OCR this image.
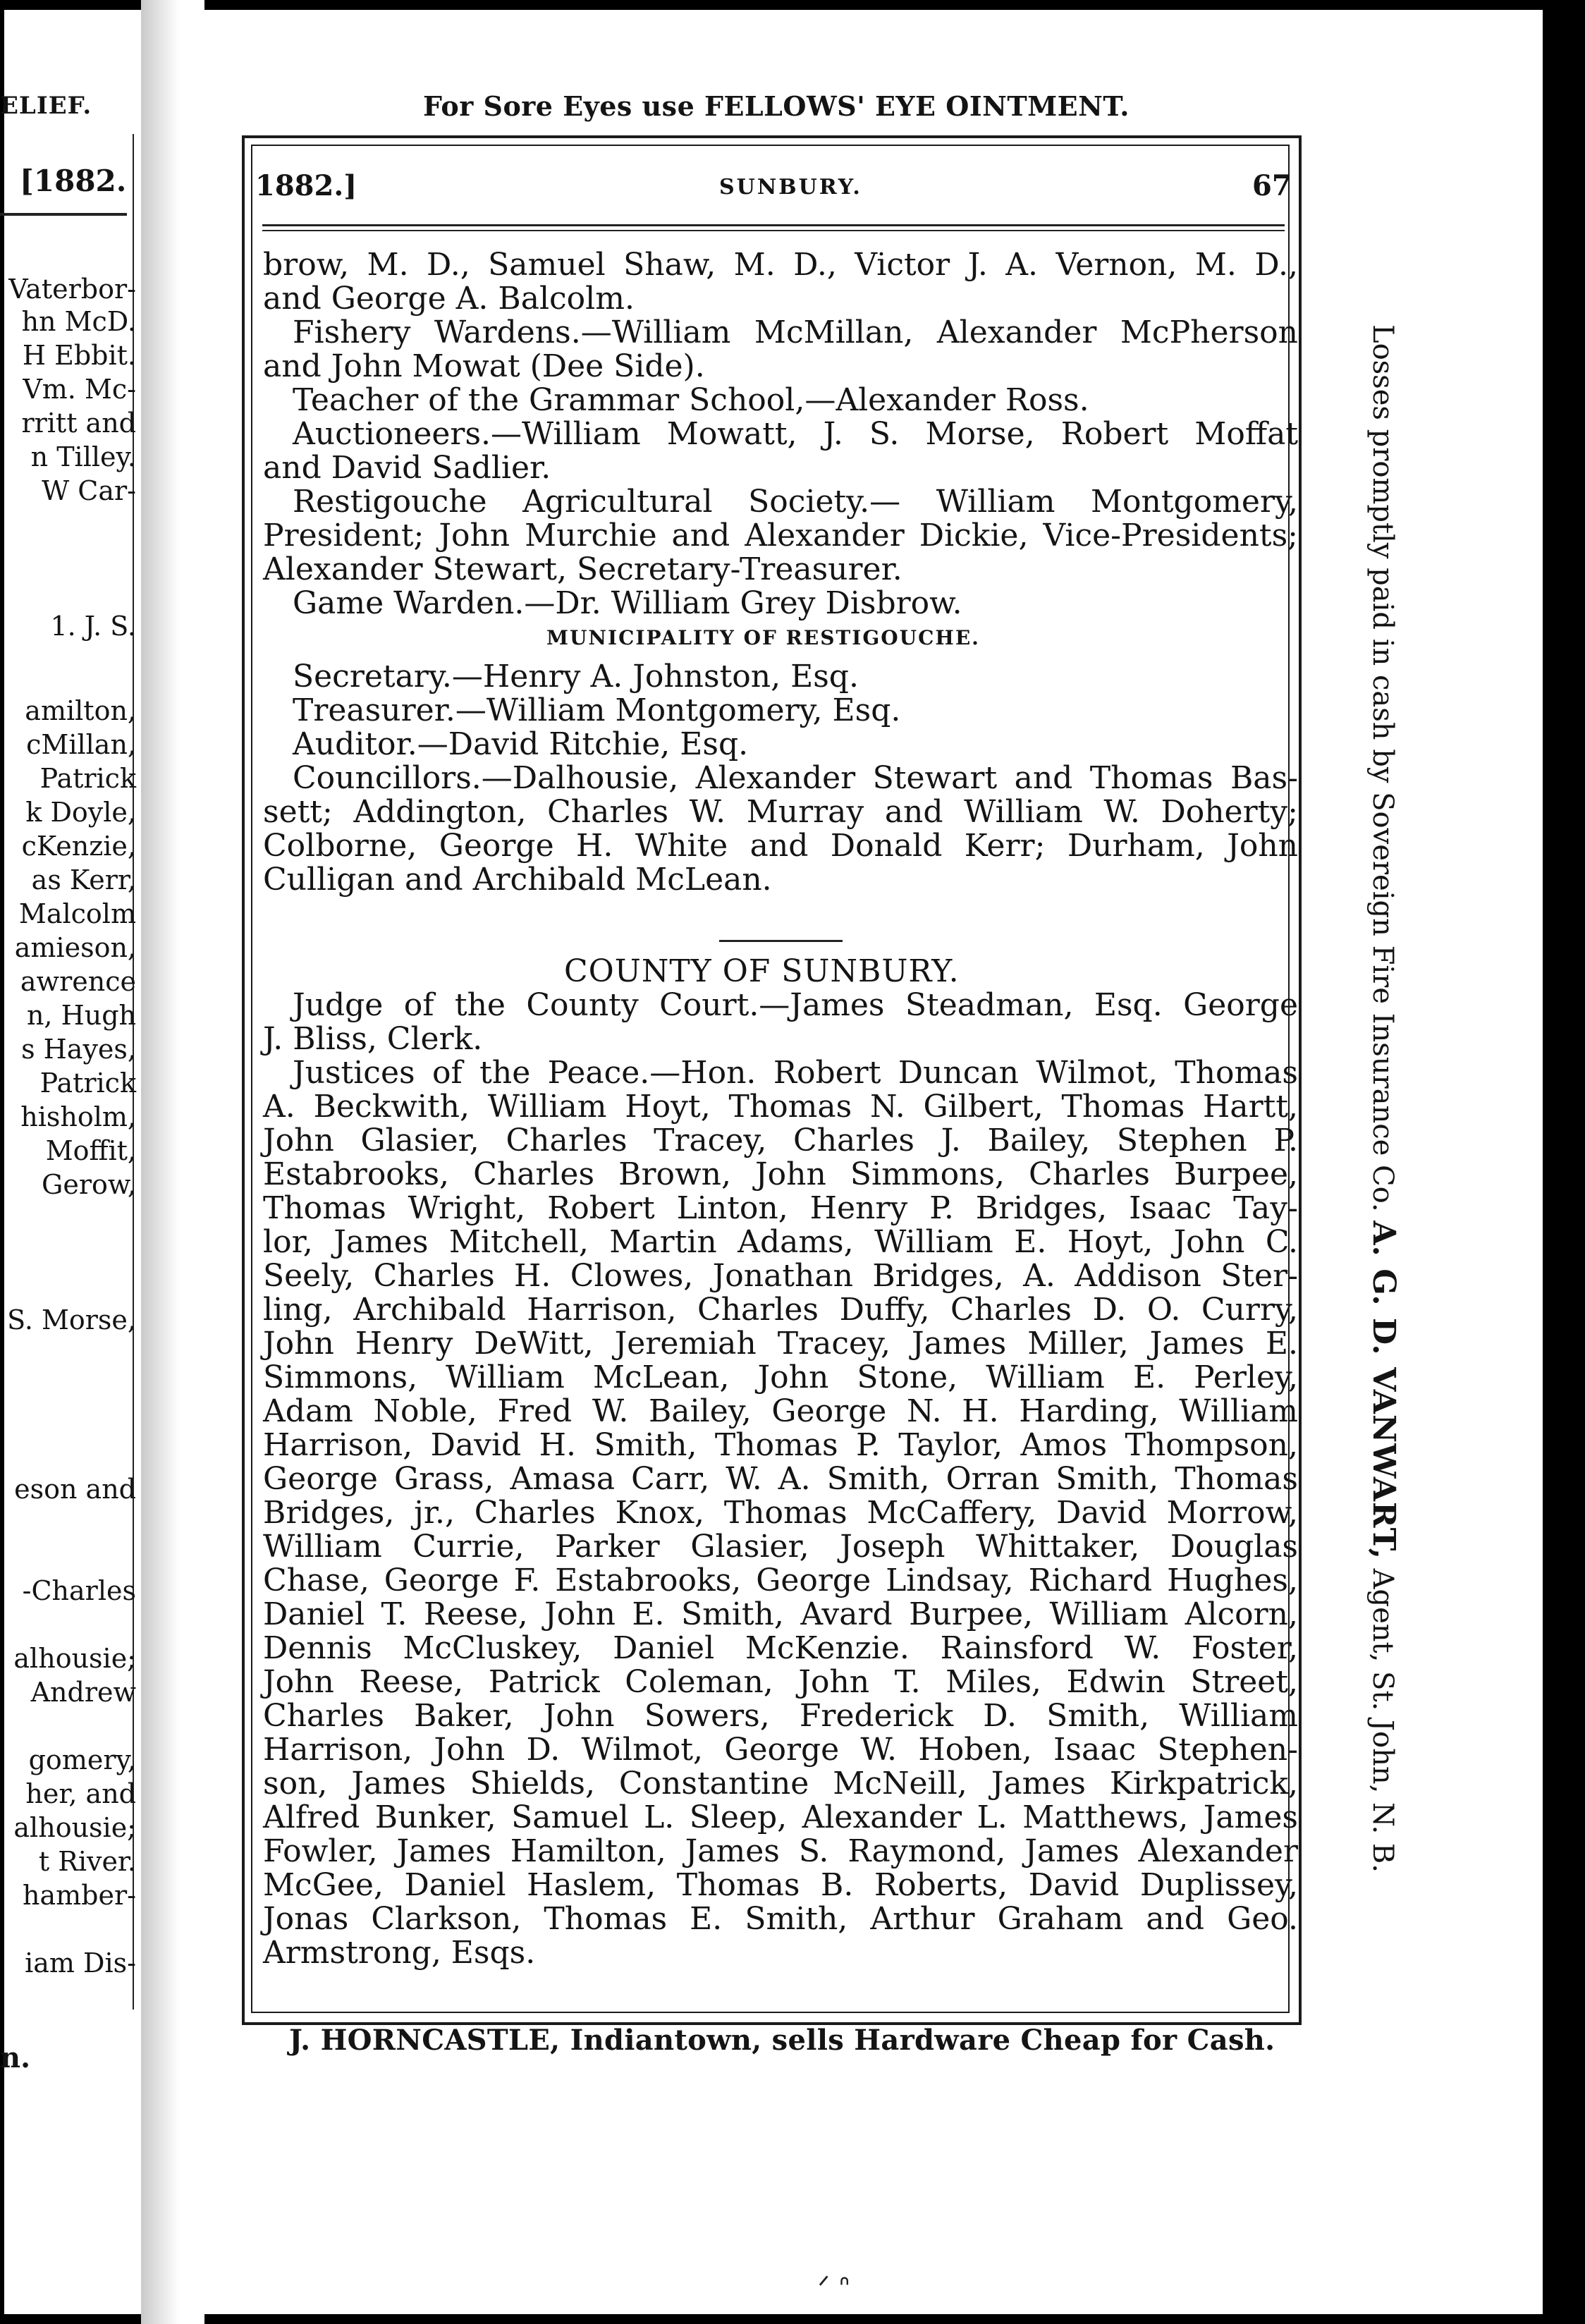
ELIEF.
[1882.
Vaterbor-
hn McD.
H Ebbit.
Vm. Mc-
rritt and
n Tilley.
W Car-
1. J. S.
amilton,
cMillan,
Patrick
k Doyle,
cKenzie,
as Kerr,
Malcolm
amieson,
awrence
n, Hugh
s Hayes,
Patrick
hisholm,
Moffit,
Gerow,
S. Morse,
eson and
-Charles
alhousie;
Andrew
gomery,
her, and
alhousie;
t River.
hamber-
iam Dis-
n.
For Sore Eyes use FELLOWS' EYE OINTMENT.
1882.]	SUNBURY.	67
brow, M. D., Samuel Shaw, M. D., Victor J. A. Vernon, M. D.,
and George A. Balcolm.
Fishery Wardens.—William McMillan, Alexander McPherson
and John Mowat (Dee Side).
Teacher of the Grammar School,—Alexander Ross.
Auctioneers.—William Mowatt, J. S. Morse, Robert Moffat
and David Sadlier.
Restigouche Agricultural Society.— William Montgomery,
President; John Murchie and Alexander Dickie, Vice-Presidents;
Alexander Stewart, Secretary-Treasurer.
Game Warden.—Dr. William Grey Disbrow.
MUNICIPALITY OF RESTIGOUCHE.
Secretary.—Henry A. Johnston, Esq.
Treasurer.—William Montgomery, Esq.
Auditor.—David Ritchie, Esq.
Councillors.—Dalhousie, Alexander Stewart and Thomas Bas-
sett; Addington, Charles W. Murray and William W. Doherty;
Colborne, George H. White and Donald Kerr; Durham, John
Culligan and Archibald McLean.
COUNTY OF SUNBURY.
Judge of the County Court.—James Steadman, Esq. George
J. Bliss, Clerk.
Justices of the Peace.—Hon. Robert Duncan Wilmot, Thomas
A. Beckwith, William Hoyt, Thomas N. Gilbert, Thomas Hartt,
John Glasier, Charles Tracey, Charles J. Bailey, Stephen P.
Estabrooks, Charles Brown, John Simmons, Charles Burpee,
Thomas Wright, Robert Linton, Henry P. Bridges, Isaac Tay-
lor, James Mitchell, Martin Adams, William E. Hoyt, John C.
Seely, Charles H. Clowes, Jonathan Bridges, A. Addison Ster-
ling, Archibald Harrison, Charles Duffy, Charles D. O. Curry,
John Henry DeWitt, Jeremiah Tracey, James Miller, James E.
Simmons, William McLean, John Stone, William E. Perley,
Adam Noble, Fred W. Bailey, George N. H. Harding, William
Harrison, David H. Smith, Thomas P. Taylor, Amos Thompson,
George Grass, Amasa Carr, W. A. Smith, Orran Smith, Thomas
Bridges, jr., Charles Knox, Thomas McCaffery, David Morrow,
William Currie, Parker Glasier, Joseph Whittaker, Douglas
Chase, George F. Estabrooks, George Lindsay, Richard Hughes,
Daniel T. Reese, John E. Smith, Avard Burpee, William Alcorn,
Dennis McCluskey, Daniel McKenzie. Rainsford W. Foster,
John Reese, Patrick Coleman, John T. Miles, Edwin Street,
Charles Baker, John Sowers, Frederick D. Smith, William
Harrison, John D. Wilmot, George W. Hoben, Isaac Stephen-
son, James Shields, Constantine McNeill, James Kirkpatrick,
Alfred Bunker, Samuel L. Sleep, Alexander L. Matthews, James
Fowler, James Hamilton, James S. Raymond, James Alexander
McGee, Daniel Haslem, Thomas B. Roberts, David Duplissey,
Jonas Clarkson, Thomas E. Smith, Arthur Graham and Geo.
Armstrong, Esqs.
J. HORNCASTLE, Indiantown, sells Hardware Cheap for Cash.
Losses promptly paid in cash by Sovereign Fire Insurance Co. A. G. D. VANWART, Agent, St. John, N. B.
ᐟ ᐢ
